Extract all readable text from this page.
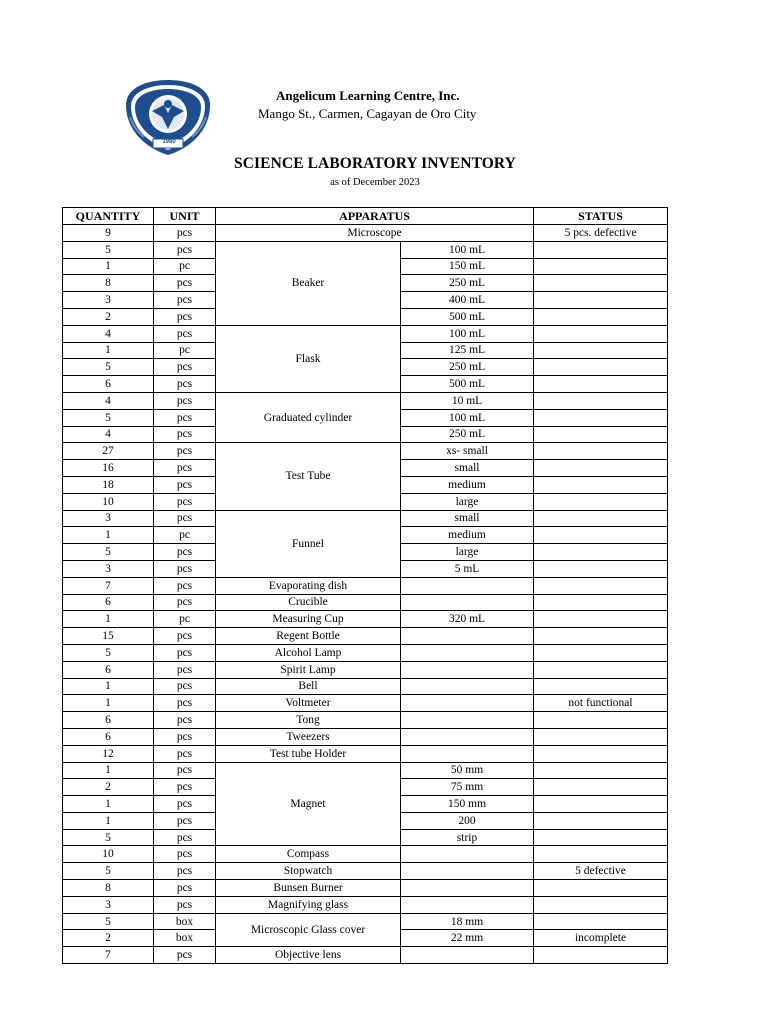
1980
Angelicum Learning Centre, Inc.
Mango St., Carmen, Cagayan de Oro City
SCIENCE LABORATORY INVENTORY
as of December 2023
QUANTITY	UNIT	APPARATUS		STATUS
9	pcs	Microscope		5 pcs. defective
5	pcs	Beaker	100 mL	
1	pc		150 mL	
8	pcs		250 mL	
3	pcs		400 mL	
2	pcs		500 mL	
4	pcs	Flask	100 mL	
1	pc		125 mL	
5	pcs		250 mL	
6	pcs		500 mL	
4	pcs	Graduated cylinder	10 mL	
5	pcs		100 mL	
4	pcs		250 mL	
27	pcs	Test Tube	xs- small	
16	pcs		small	
18	pcs		medium	
10	pcs		large	
3	pcs	Funnel	small	
1	pc		medium	
5	pcs		large	
3	pcs		5 mL	
7	pcs	Evaporating dish		
6	pcs	Crucible		
1	pc	Measuring Cup	320 mL	
15	pcs	Regent Bottle		
5	pcs	Alcohol Lamp		
6	pcs	Spirit Lamp		
1	pcs	Bell		
1	pcs	Voltmeter		not functional
6	pcs	Tong		
6	pcs	Tweezers		
12	pcs	Test tube Holder		
1	pcs	Magnet	50 mm	
2	pcs		75 mm	
1	pcs		150 mm	
1	pcs		200	
5	pcs		strip	
10	pcs	Compass		
5	pcs	Stopwatch		5 defective
8	pcs	Bunsen Burner		
3	pcs	Magnifying glass		
5	box	Microscopic Glass cover	18 mm	
2	box		22 mm	incomplete
7	pcs	Objective lens		
